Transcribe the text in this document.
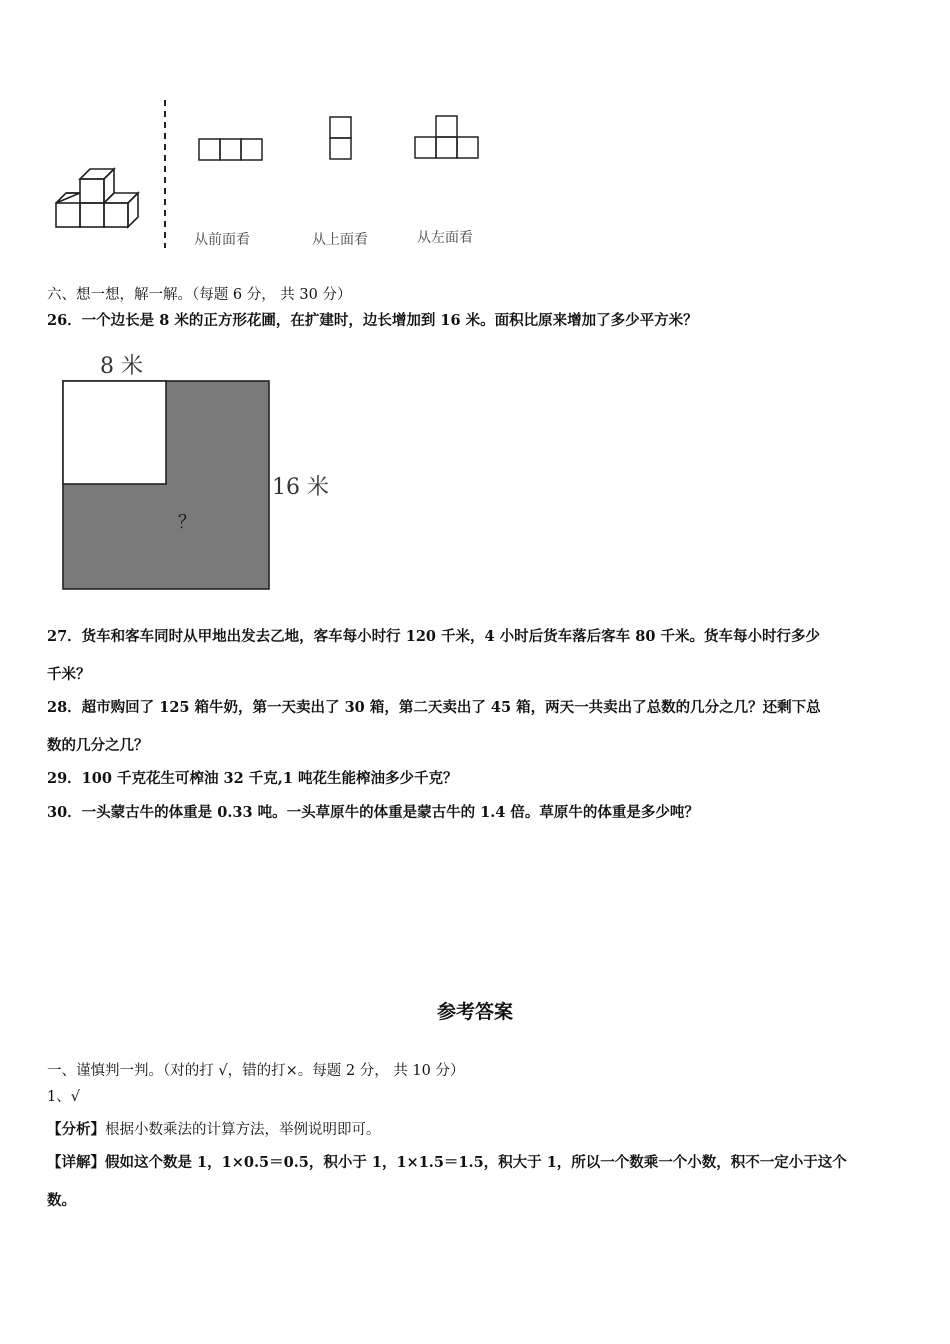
从前面看	从上面看	从左面看
六、想一想，解一解。（每题 6 分， 共 30 分）
26．一个边长是 8 米的正方形花圃，在扩建时，边长增加到 16 米。面积比原来增加了多少平方米？
8 米
？
16 米
27．货车和客车同时从甲地出发去乙地，客车每小时行 120 千米，4 小时后货车落后客车 80 千米。货车每小时行多少
千米？
28．超市购回了 125 箱牛奶，第一天卖出了 30 箱，第二天卖出了 45 箱，两天一共卖出了总数的几分之几？还剩下总
数的几分之几？
29．100 千克花生可榨油 32 千克,1 吨花生能榨油多少千克？
30．一头蒙古牛的体重是 0.33 吨。一头草原牛的体重是蒙古牛的 1.4 倍。草原牛的体重是多少吨？
参考答案
一、谨慎判一判。（对的打 √，错的打×。每题 2 分， 共 10 分）
1、√
【分析】根据小数乘法的计算方法，举例说明即可。
【详解】假如这个数是 1，1×0.5＝0.5，积小于 1，1×1.5＝1.5，积大于 1，所以一个数乘一个小数，积不一定小于这个
数。
